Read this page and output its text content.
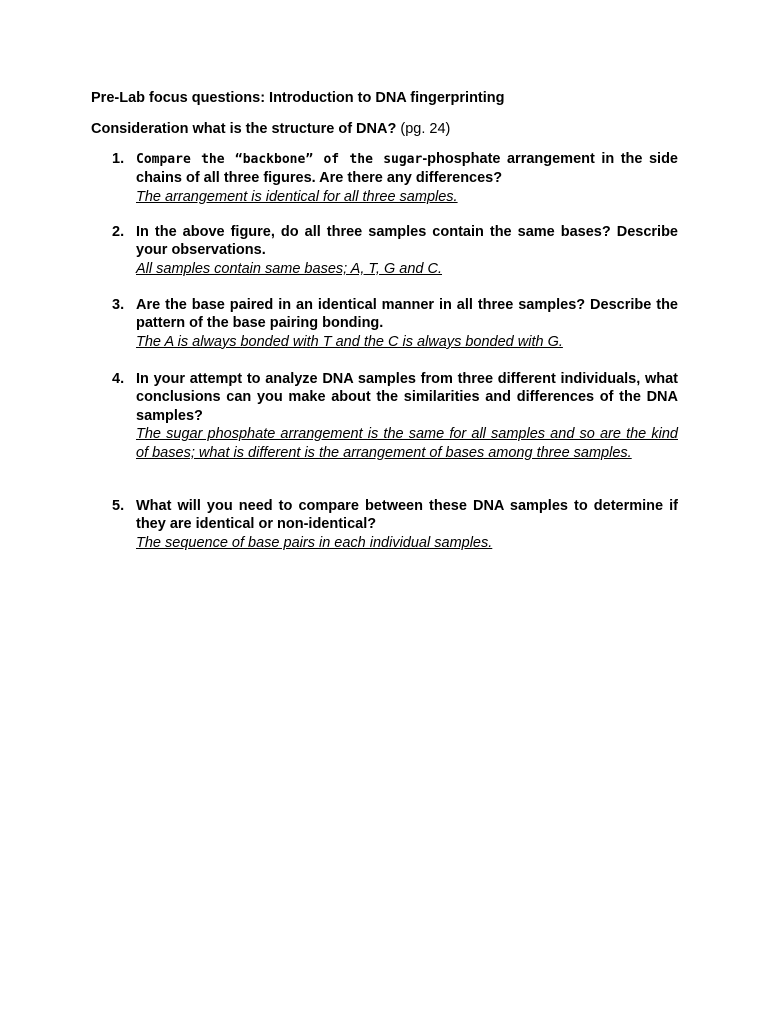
Pre-Lab focus questions: Introduction to DNA fingerprinting

Consideration what is the structure of DNA? (pg. 24)

1. Compare the “backbone” of the sugar-phosphate arrangement in the side chains of all three figures. Are there any differences?

The arrangement is identical for all three samples.

2. In the above figure, do all three samples contain the same bases? Describe your observations.

All samples contain same bases; A, T, G and C.

3. Are the base paired in an identical manner in all three samples? Describe the pattern of the base pairing bonding.

The A is always bonded with T and the C is always bonded with G.

4. In your attempt to analyze DNA samples from three different individuals, what conclusions can you make about the similarities and differences of the DNA samples?

The sugar phosphate arrangement is the same for all samples and so are the kind of bases; what is different is the arrangement of bases among three samples.

5. What will you need to compare between these DNA samples to determine if they are identical or non-identical?

The sequence of base pairs in each individual samples.
